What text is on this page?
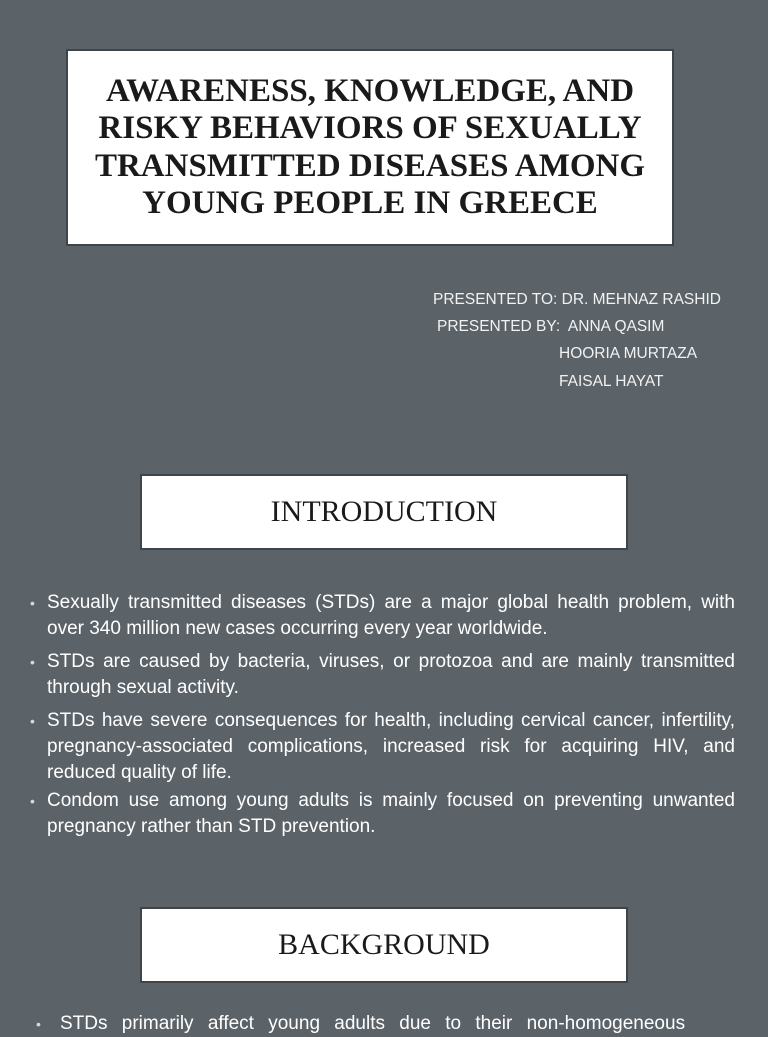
AWARENESS, KNOWLEDGE, AND RISKY BEHAVIORS OF SEXUALLY TRANSMITTED DISEASES AMONG YOUNG PEOPLE IN GREECE
PRESENTED TO: DR. MEHNAZ RASHID
PRESENTED BY:  ANNA QASIM
HOORIA MURTAZA
FAISAL HAYAT
INTRODUCTION
• Sexually transmitted diseases (STDs) are a major global health problem, with over 340 million new cases occurring every year worldwide.
• STDs are caused by bacteria, viruses, or protozoa and are mainly transmitted through sexual activity.
• STDs have severe consequences for health, including cervical cancer, infertility, pregnancy-associated complications, increased risk for acquiring HIV, and reduced quality of life.
• Condom use among young adults is mainly focused on preventing unwanted pregnancy rather than STD prevention.
BACKGROUND
• STDs primarily affect young adults due to their non-homogeneous
